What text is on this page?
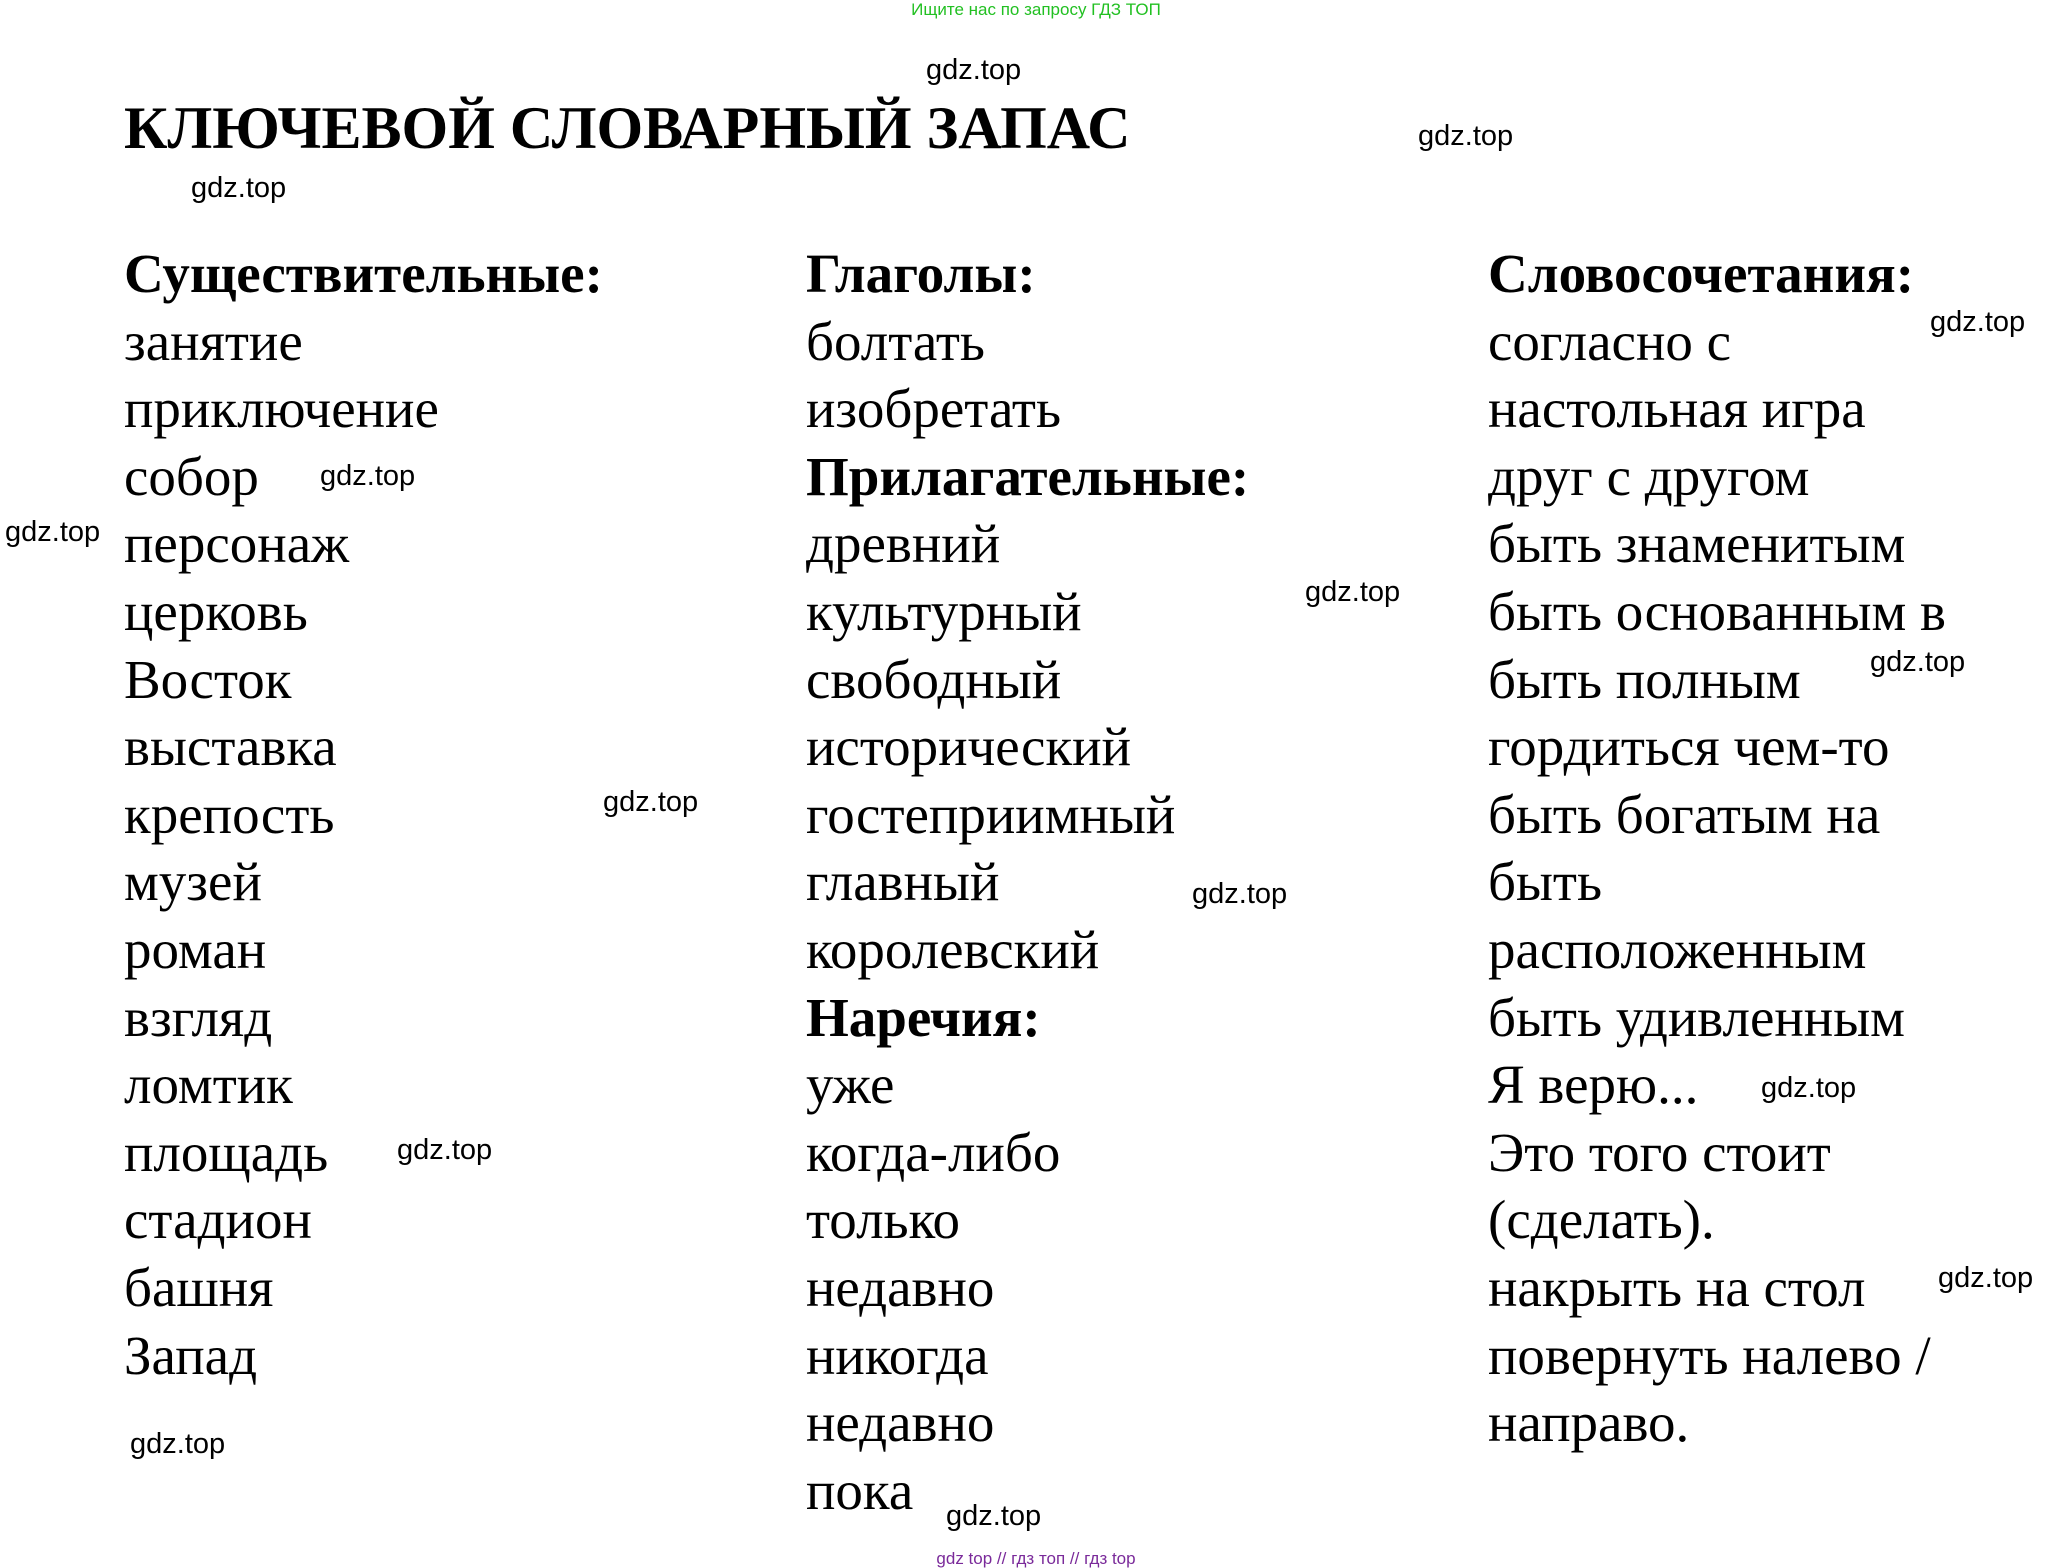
Ищите нас по запросу ГДЗ ТОП
КЛЮЧЕВОЙ СЛОВАРНЫЙ ЗАПАС
Существительные:
занятие
приключение
собор
персонаж
церковь
Восток
выставка
крепость
музей
роман
взгляд
ломтик
площадь
стадион
башня
Запад
Глаголы:
болтать
изобретать
Прилагательные:
древний
культурный
свободный
исторический
гостеприимный
главный
королевский
Наречия:
уже
когда-либо
только
недавно
никогда
недавно
пока
Словосочетания:
согласно с
настольная игра
друг с другом
быть знаменитым
быть основанным в
быть полным
гордиться чем-то
быть богатым на
быть
расположенным
быть удивленным
Я верю...
Это того стоит
(сделать).
накрыть на стол
повернуть налево /
направо.
gdz.top
gdz.top
gdz.top
gdz.top
gdz.top
gdz.top
gdz.top
gdz.top
gdz.top
gdz.top
gdz.top
gdz.top
gdz.top
gdz.top
gdz.top
gdz top // гдз топ // гдз top
